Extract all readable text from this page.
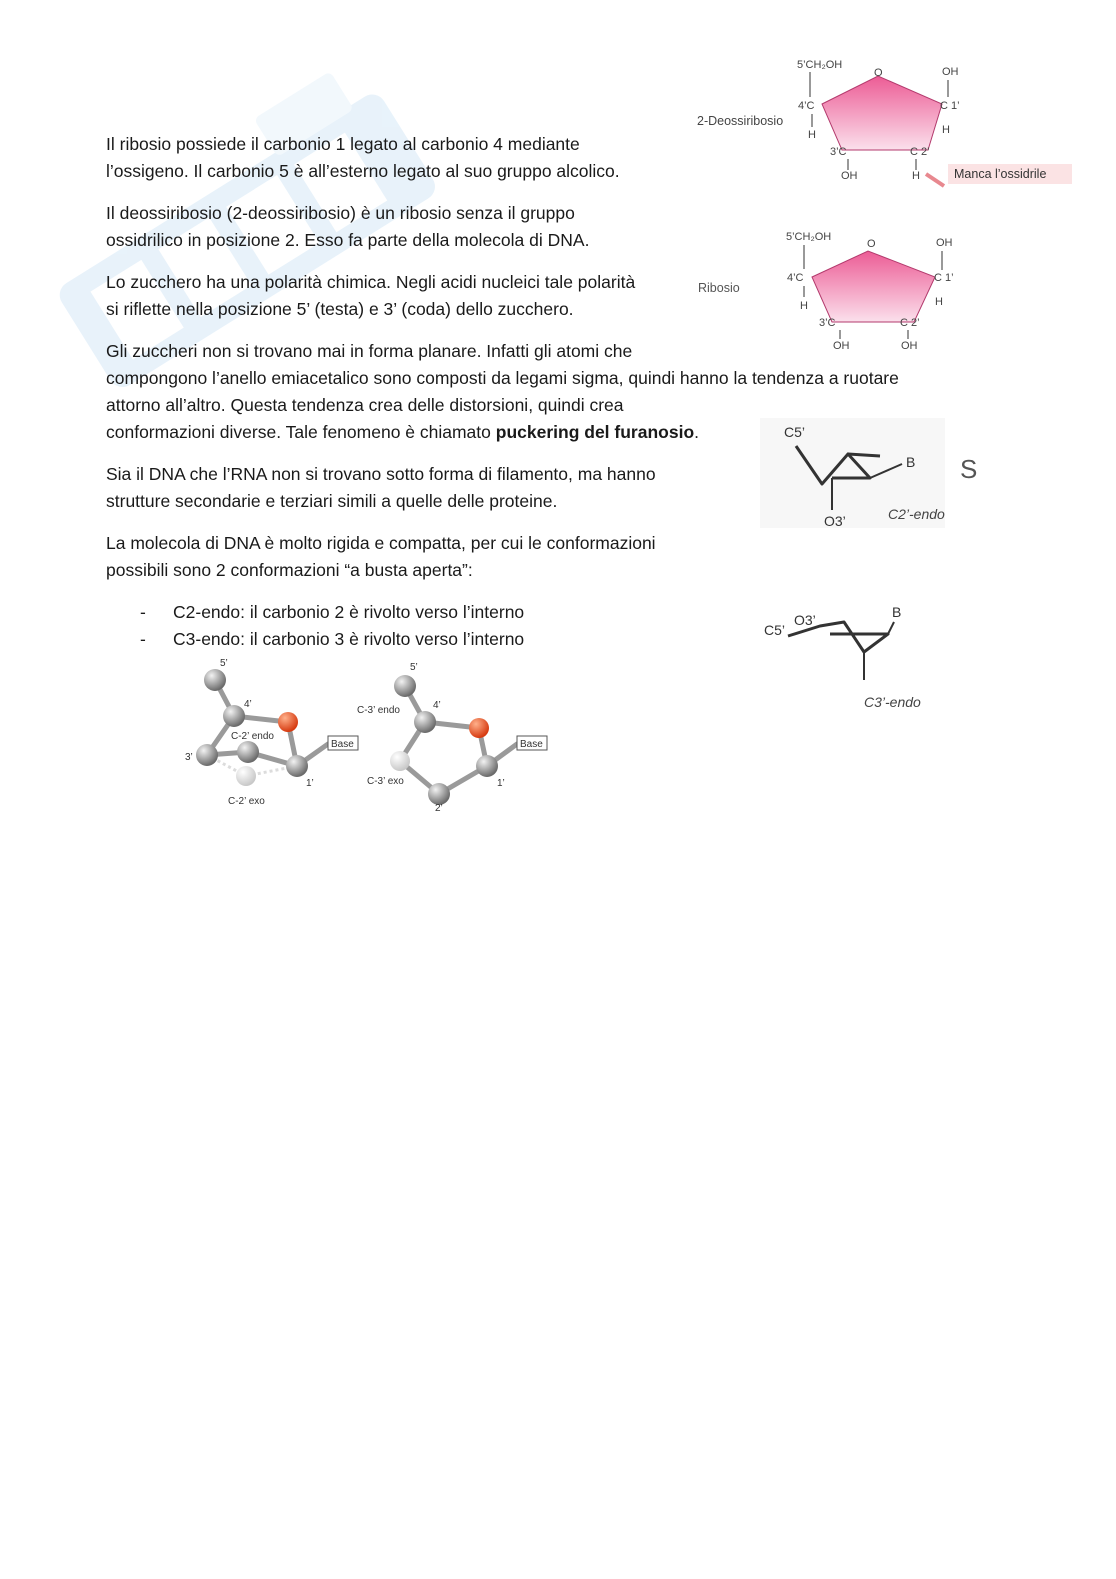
Il ribosio possiede il carbonio 1 legato al carbonio 4 mediante
l’ossigeno. Il carbonio 5 è all’esterno legato al suo gruppo alcolico.

Il deossiribosio (2-deossiribosio) è un ribosio senza il gruppo
ossidrilico in posizione 2. Esso fa parte della molecola di DNA.

Lo zucchero ha una polarità chimica. Negli acidi nucleici tale polarità
si riflette nella posizione 5’ (testa) e 3’ (coda) dello zucchero.

Gli zuccheri non si trovano mai in forma planare. Infatti gli atomi che
compongono l’anello emiacetalico sono composti da legami sigma, quindi hanno la tendenza a ruotare
attorno all’altro. Questa tendenza crea delle distorsioni, quindi crea
conformazioni diverse. Tale fenomeno è chiamato puckering del furanosio.

Sia il DNA che l’RNA non si trovano sotto forma di filamento, ma hanno
strutture secondarie e terziari simili a quelle delle proteine.

La molecola di DNA è molto rigida e compatta, per cui le conformazioni
possibili sono 2 conformazioni “a busta aperta”:

- C2-endo: il carbonio 2 è rivolto verso l’interno
- C3-endo: il carbonio 3 è rivolto verso l’interno
2-Deossiribosio
5’CH₂OH
O	OH
4’C	C 1’
H	H
3’C	C 2’
OH	H	Manca l’ossidrile
Ribosio
5’CH₂OH
O	OH
4’C	C 1’
H	H
3’C	C 2’
OH	OH
C5’
B
O3’	C2’-endo
S
C5’
O3’	B
C3’-endo
Base
5’
4’
3’
1’
C-2’ endo
C-2’ exo
Base
5’
4’
2’
1’
C-3’ endo
C-3’ exo
